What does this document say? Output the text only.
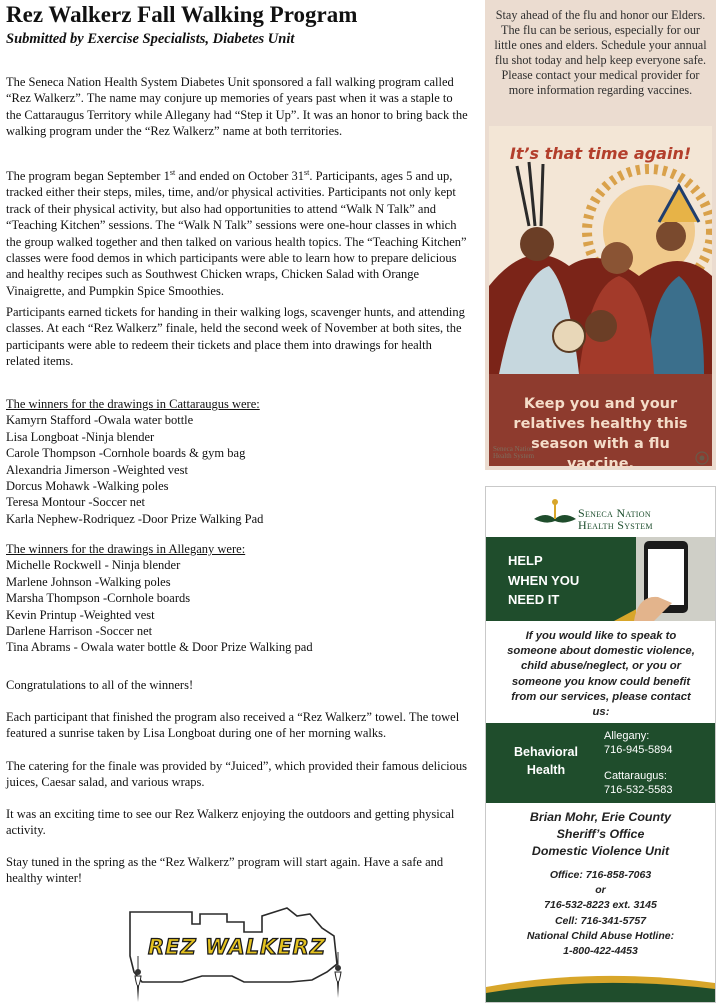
Rez Walkerz Fall Walking Program
Submitted by Exercise Specialists, Diabetes Unit

The Seneca Nation Health System Diabetes Unit sponsored a fall walking program called “Rez Walkerz”. The name may conjure up memories of years past when it was a staple to the Cattaraugus Territory while Allegany had “Step it Up”. It was an honor to bring back the walking program under the “Rez Walkerz” name at both territories.

The program began September 1st and ended on October 31st. Participants, ages 5 and up, tracked either their steps, miles, time, and/or physical activities. Participants not only kept track of their physical activity, but also had opportunities to attend “Walk N Talk” and “Teaching Kitchen” sessions. The “Walk N Talk” sessions were one-hour classes in which the group walked together and then talked on various health topics. The “Teaching Kitchen” classes were food demos in which participants were able to learn how to prepare delicious and healthy recipes such as Southwest Chicken wraps, Chicken Salad with Orange Vinaigrette, and Pumpkin Spice Smoothies.

Participants earned tickets for handing in their walking logs, scavenger hunts, and attending classes. At each “Rez Walkerz” finale, held the second week of November at both sites, the participants were able to redeem their tickets and place them into drawings for health related items.

The winners for the drawings in Cattaraugus were:
Kamyrn Stafford -Owala water bottle
Lisa Longboat -Ninja blender
Carole Thompson -Cornhole boards & gym bag
Alexandria Jimerson -Weighted vest
Dorcus Mohawk -Walking poles
Teresa Montour -Soccer net
Karla Nephew-Rodriquez -Door Prize Walking Pad
The winners for the drawings in Allegany were:
Michelle Rockwell - Ninja blender
Marlene Johnson -Walking poles
Marsha Thompson -Cornhole boards
Kevin Printup -Weighted vest
Darlene Harrison -Soccer net
Tina Abrams - Owala water bottle & Door Prize Walking pad

Congratulations to all of the winners!

Each participant that finished the program also received a “Rez Walkerz” towel. The towel featured a sunrise taken by Lisa Longboat during one of her morning walks.

The catering for the finale was provided by “Juiced”, which provided their famous delicious juices, Caesar salad, and various wraps.

It was an exciting time to see our Rez Walkerz enjoying the outdoors and getting physical activity.

Stay tuned in the spring as the “Rez Walkerz” program will start again. Have a safe and healthy winter!

REZ WALKERZ
Stay ahead of the flu and honor our Elders. The flu can be serious, especially for our little ones and elders. Schedule your annual flu shot today and help keep everyone safe. Please contact your medical provider for more information regarding vaccines.
It’s that time again!
Keep you and your relatives healthy this season with a flu vaccine.
Seneca Nation
Health System
Seneca Nation
Health System
HELP
WHEN YOU
NEED IT
If you would like to speak to someone about domestic violence, child abuse/neglect, or you or someone you know could benefit from our services, please contact us:
Behavioral Health
Allegany:
716-945-5894
Cattaraugus:
716-532-5583
Brian Mohr, Erie County
Sheriff’s Office
Domestic Violence Unit
Office: 716-858-7063
or
716-532-8223 ext. 3145
Cell: 716-341-5757
National Child Abuse Hotline:
1-800-422-4453
